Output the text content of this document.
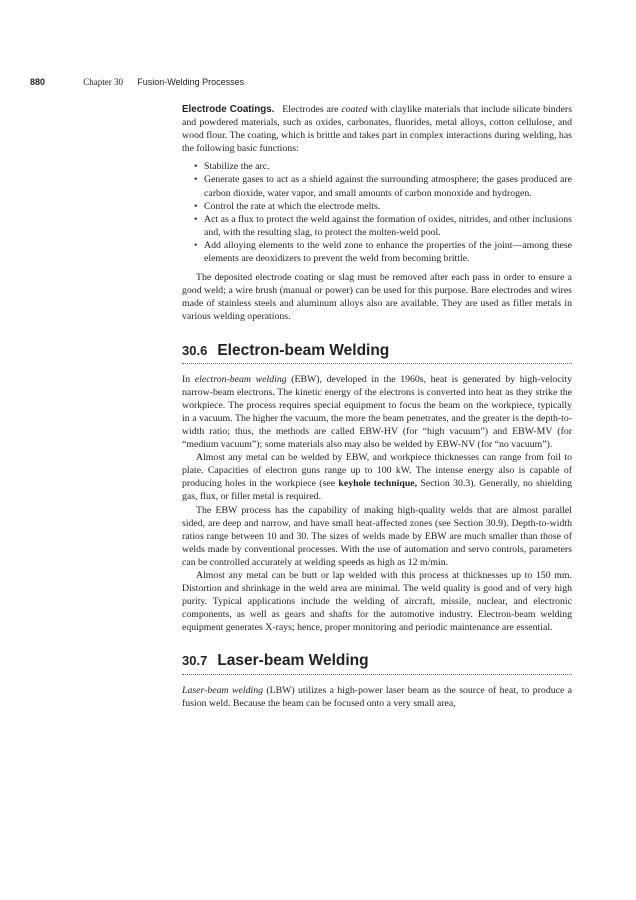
880	Chapter 30 Fusion-Welding Processes

Electrode Coatings. Electrodes are coated with claylike materials that include silicate binders and powdered materials, such as oxides, carbonates, fluorides, metal alloys, cotton cellulose, and wood flour. The coating, which is brittle and takes part in complex interactions during welding, has the following basic functions:

• Stabilize the arc.
• Generate gases to act as a shield against the surrounding atmosphere; the gases produced are carbon dioxide, water vapor, and small amounts of carbon monoxide and hydrogen.
• Control the rate at which the electrode melts.
• Act as a flux to protect the weld against the formation of oxides, nitrides, and other inclusions and, with the resulting slag, to protect the molten-weld pool.
• Add alloying elements to the weld zone to enhance the properties of the joint—among these elements are deoxidizers to prevent the weld from becoming brittle.

The deposited electrode coating or slag must be removed after each pass in order to ensure a good weld; a wire brush (manual or power) can be used for this purpose. Bare electrodes and wires made of stainless steels and aluminum alloys also are available. They are used as filler metals in various welding operations.

30.6 Electron-beam Welding

In electron-beam welding (EBW), developed in the 1960s, heat is generated by high-velocity narrow-beam electrons. The kinetic energy of the electrons is converted into heat as they strike the workpiece. The process requires special equipment to focus the beam on the workpiece, typically in a vacuum. The higher the vacuum, the more the beam penetrates, and the greater is the depth-to-width ratio; thus, the methods are called EBW-HV (for “high vacuum”) and EBW-MV (for “medium vacuum”); some materials also may also be welded by EBW-NV (for “no vacuum”).

Almost any metal can be welded by EBW, and workpiece thicknesses can range from foil to plate. Capacities of electron guns range up to 100 kW. The intense energy also is capable of producing holes in the workpiece (see keyhole technique, Section 30.3). Generally, no shielding gas, flux, or filler metal is required.

The EBW process has the capability of making high-quality welds that are almost parallel sided, are deep and narrow, and have small heat-affected zones (see Section 30.9). Depth-to-width ratios range between 10 and 30. The sizes of welds made by EBW are much smaller than those of welds made by conventional processes. With the use of automation and servo controls, parameters can be controlled accurately at welding speeds as high as 12 m/min.

Almost any metal can be butt or lap welded with this process at thicknesses up to 150 mm. Distortion and shrinkage in the weld area are minimal. The weld quality is good and of very high purity. Typical applications include the welding of aircraft, missile, nuclear, and electronic components, as well as gears and shafts for the automotive industry. Electron-beam welding equipment generates X-rays; hence, proper monitoring and periodic maintenance are essential.

30.7 Laser-beam Welding

Laser-beam welding (LBW) utilizes a high-power laser beam as the source of heat, to produce a fusion weld. Because the beam can be focused onto a very small area,
